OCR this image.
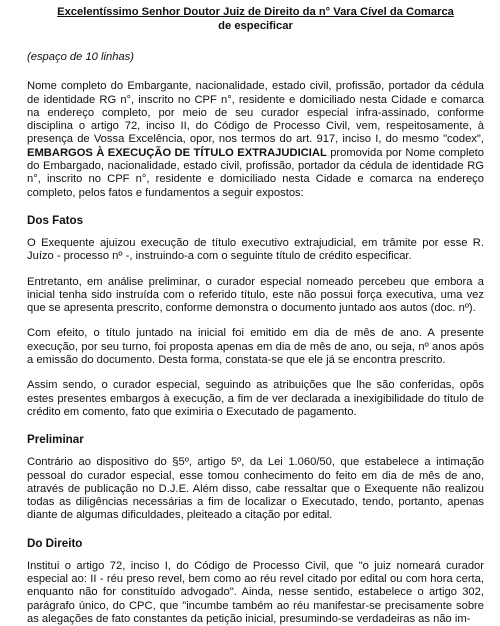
Excelentíssimo Senhor Doutor Juiz de Direito da n° Vara Cível da Comarca
de especificar

(espaço de 10 linhas)

Nome completo do Embargante, nacionalidade, estado civil, profissão, portador da cédula de identidade RG n°, inscrito no CPF n°, residente e domiciliado nesta Cidade e comarca na endereço completo, por meio de seu curador especial infra-assinado, conforme disciplina o artigo 72, inciso II, do Código de Processo Civil, vem, respeitosamente, à presença de Vossa Excelência, opor, nos termos do art. 917, inciso I, do mesmo "codex", EMBARGOS À EXECUÇÃO DE TÍTULO EXTRAJUDICIAL promovida por Nome completo do Embargado, nacionalidade, estado civil, profissão, portador da cédula de identidade RG n°, inscrito no CPF n°, residente e domiciliado nesta Cidade e comarca na endereço completo, pelos fatos e fundamentos a seguir expostos:

Dos Fatos

O Exequente ajuizou execução de título executivo extrajudicial, em trâmite por esse R. Juízo - processo nº -, instruindo-a com o seguinte título de crédito especificar.

Entretanto, em análise preliminar, o curador especial nomeado percebeu que embora a inicial tenha sido instruída com o referido título, este não possui força executiva, uma vez que se apresenta prescrito, conforme demonstra o documento juntado aos autos (doc. nº).

Com efeito, o título juntado na inicial foi emitido em dia de mês de ano. A presente execução, por seu turno, foi proposta apenas em dia de mês de ano, ou seja, nº anos após a emissão do documento. Desta forma, constata-se que ele já se encontra prescrito.

Assim sendo, o curador especial, seguindo as atribuições que lhe são conferidas, opõs estes presentes embargos à execução, a fim de ver declarada a inexigibilidade do título de crédito em comento, fato que eximiria o Executado de pagamento.

Preliminar

Contrário ao dispositivo do §5º, artigo 5º, da Lei 1.060/50, que estabelece a intimação pessoal do curador especial, esse tomou conhecimento do feito em dia de mês de ano, através de publicação no D.J.E. Além disso, cabe ressaltar que o Exequente não realizou todas as diligências necessárias a fim de localizar o Executado, tendo, portanto, apenas diante de algumas dificuldades, pleiteado a citação por edital.

Do Direito

Institui o artigo 72, inciso I, do Código de Processo Civil, que "o juiz nomeará curador especial ao: II - réu preso revel, bem como ao réu revel citado por edital ou com hora certa, enquanto não for constituído advogado". Ainda, nesse sentido, estabelece o artigo 302, parágrafo único, do CPC, que "incumbe também ao réu manifestar-se precisamente sobre as alegações de fato constantes da petição inicial, presumindo-se verdadeiras as não im-
